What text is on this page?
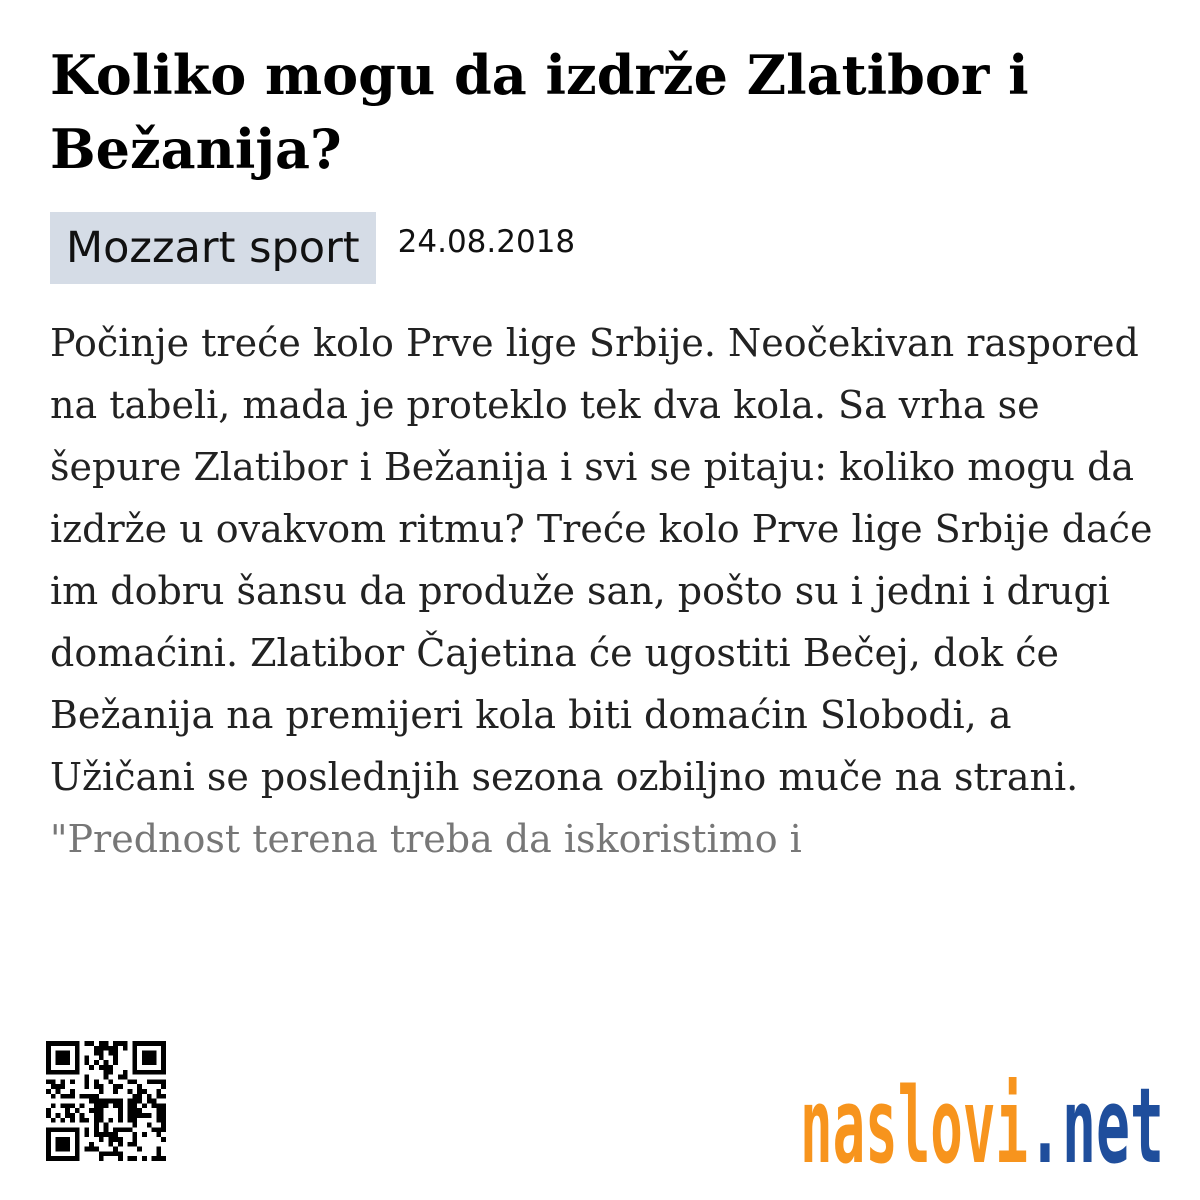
Koliko mogu da izdrže Zlatibor i Bežanija?
Mozzart sport	24.08.2018

Počinje treće kolo Prve lige Srbije. Neočekivan raspored na tabeli, mada je proteklo tek dva kola. Sa vrha se šepure Zlatibor i Bežanija i svi se pitaju: koliko mogu da izdrže u ovakvom ritmu? Treće kolo Prve lige Srbije daće im dobru šansu da produže san, pošto su i jedni i drugi domaćini. Zlatibor Čajetina će ugostiti Bečej, dok će Bežanija na premijeri kola biti domaćin Slobodi, a Užičani se poslednjih sezona ozbiljno muče na strani.
"Prednost terena treba da iskoristimo i

naslovi .net
